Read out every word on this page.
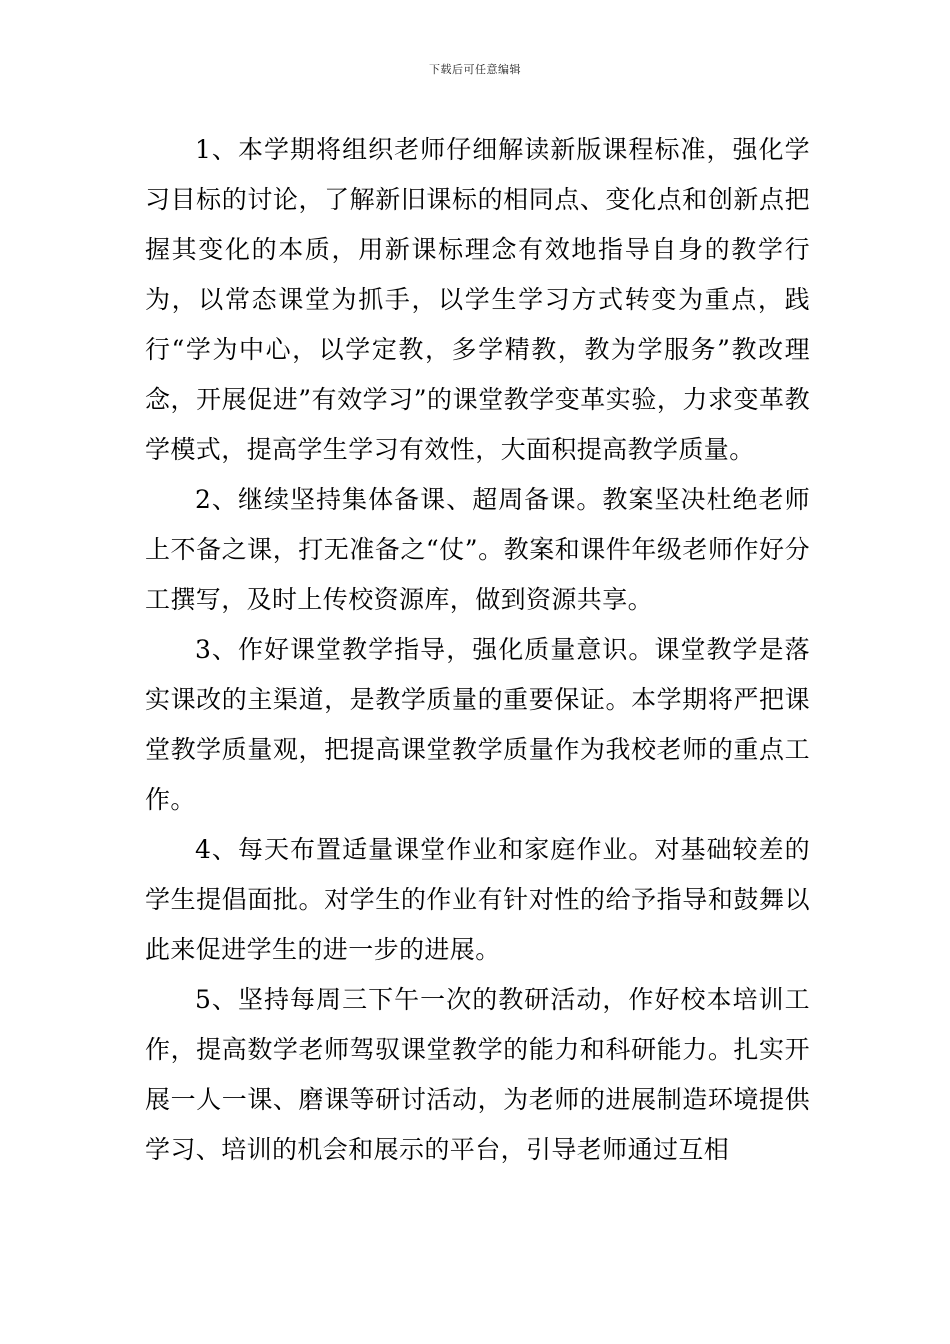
下载后可任意编辑

1、本学期将组织老师仔细解读新版课程标准，强化学习目标的讨论，了解新旧课标的相同点、变化点和创新点把握其变化的本质，用新课标理念有效地指导自身的教学行为，以常态课堂为抓手，以学生学习方式转变为重点，践行“学为中心，以学定教，多学精教，教为学服务”教改理念，开展促进”有效学习”的课堂教学变革实验，力求变革教学模式，提高学生学习有效性，大面积提高教学质量。

2、继续坚持集体备课、超周备课。教案坚决杜绝老师上不备之课，打无准备之“仗”。教案和课件年级老师作好分工撰写，及时上传校资源库，做到资源共享。

3、作好课堂教学指导，强化质量意识。课堂教学是落实课改的主渠道，是教学质量的重要保证。本学期将严把课堂教学质量观，把提高课堂教学质量作为我校老师的重点工作。

4、每天布置适量课堂作业和家庭作业。对基础较差的学生提倡面批。对学生的作业有针对性的给予指导和鼓舞以此来促进学生的进一步的进展。

5、坚持每周三下午一次的教研活动，作好校本培训工作，提高数学老师驾驭课堂教学的能力和科研能力。扎实开展一人一课、磨课等研讨活动，为老师的进展制造环境提供学习、培训的机会和展示的平台，引导老师通过互相
